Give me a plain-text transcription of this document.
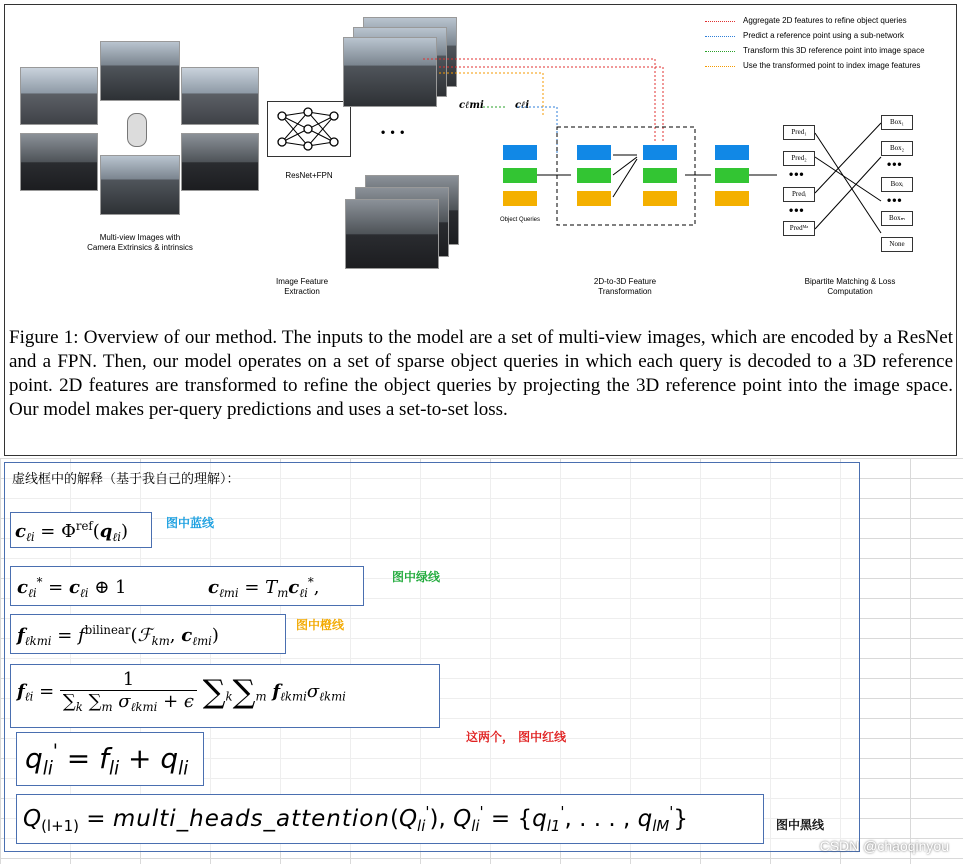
Multi-view Images with Camera Extrinsics & intrinsics
ResNet+FPN
Image Feature Extraction
• • •
cℓmi	cℓi
Object Queries
2D-to-3D Feature Transformation
Pred₁
Pred₂
•••
Predᵢ
•••
Predᴹᵃ
Box₁
Box₂
•••
Boxᵢ
•••
Boxₘ
None
Bipartite Matching & Loss Computation
Aggregate 2D features to refine object queries
Predict a reference point using a sub-network
Transform this 3D reference point into image space
Use the transformed point to index image features
Figure 1: Overview of our method. The inputs to the model are a set of multi-view images, which are encoded by a ResNet and a FPN. Then, our model operates on a set of sparse object queries in which each query is decoded to a 3D reference point. 2D features are transformed to refine the object queries by projecting the 3D reference point into the image space. Our model makes per-query predictions and uses a set-to-set loss.
虚线框中的解释（基于我自己的理解）：
$c_{\ell i} = \Phi^{ref}(q_{\ell i})$	图中蓝线
$c_{\ell i}^* = c_{\ell i}$ ⊕ 1	$c_{\ell mi} = T_mc_{\ell i}^*$,
图中绿线
$f_{\ell kmi}$ = $f^{bilinear}(ℱ_{km}$, $c_{\ell mi}$)
图中橙线
$f_{\ell i} = \frac{1}{\sum_k \sum_m \sigma_{\ell kmi} + \epsilon} \sum_k\sum_m$ $f_{\ell kmi}\sigma_{\ell kmi}$
$q_{li}' = f_{li} + q_{li}$
这两个， 图中红线
$Q_{(l+1)}$ = $multi\_heads\_attention(Q_{li}')$, $Q_{li}' = \{q_{l1}'$, . . . , $q_{lM}'$}	图中黑线
CSDN @chaoqinyou
